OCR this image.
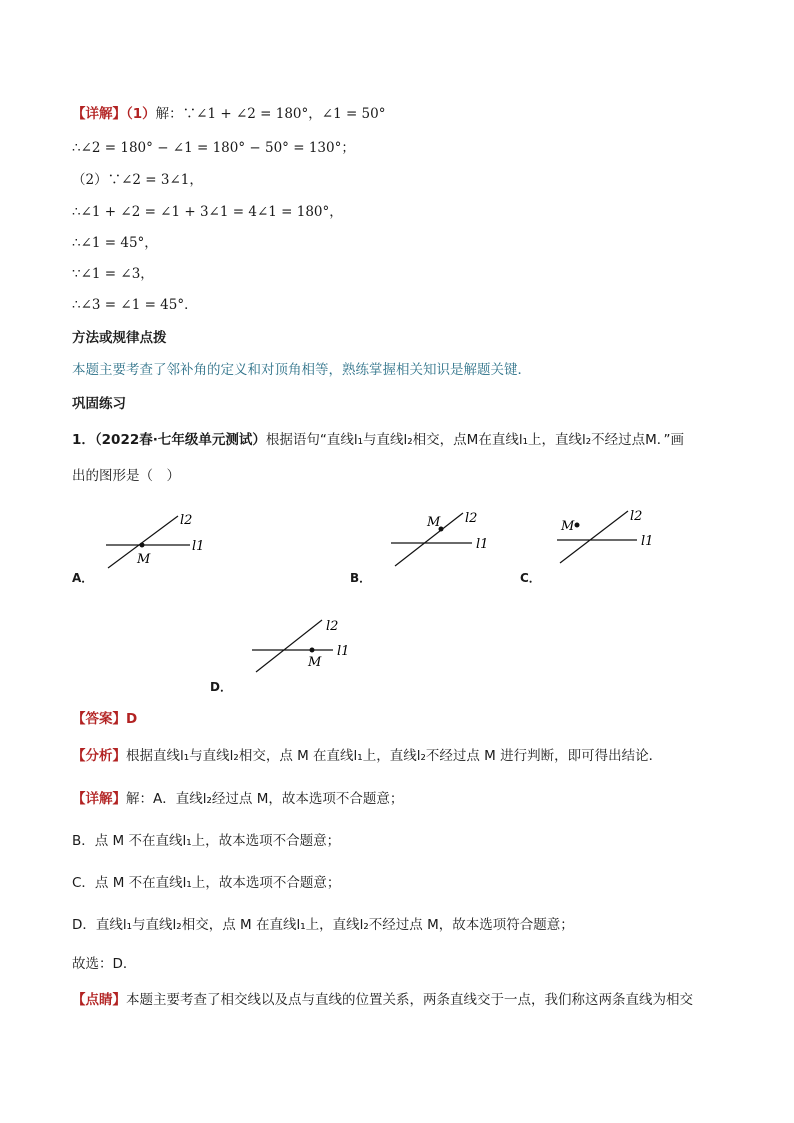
【详解】（1）解：∵∠1 + ∠2 = 180°，∠1 = 50°
∴∠2 = 180° − ∠1 = 180° − 50° = 130°；
（2）∵∠2 = 3∠1，
∴∠1 + ∠2 = ∠1 + 3∠1 = 4∠1 = 180°，
∴∠1 = 45°，
∵∠1 = ∠3，
∴∠3 = ∠1 = 45°．
方法或规律点拨
本题主要考查了邻补角的定义和对顶角相等，熟练掌握相关知识是解题关键．
巩固练习
1．（2022春·七年级单元测试）根据语句“直线l₁与直线l₂相交，点M在直线l₁上，直线l₂不经过点M．”画
出的图形是（　）
l2
l1
M
M l2
l1
M
l2
l1
M
l2
l1
A．	B．	C．
D．
【答案】D
【分析】根据直线l₁与直线l₂相交，点 M 在直线l₁上，直线l₂不经过点 M 进行判断，即可得出结论．
【详解】解：A．直线l₂经过点 M，故本选项不合题意；
B．点 M 不在直线l₁上，故本选项不合题意；
C．点 M 不在直线l₁上，故本选项不合题意；
D．直线l₁与直线l₂相交，点 M 在直线l₁上，直线l₂不经过点 M，故本选项符合题意；
故选：D．
【点睛】本题主要考查了相交线以及点与直线的位置关系，两条直线交于一点，我们称这两条直线为相交
